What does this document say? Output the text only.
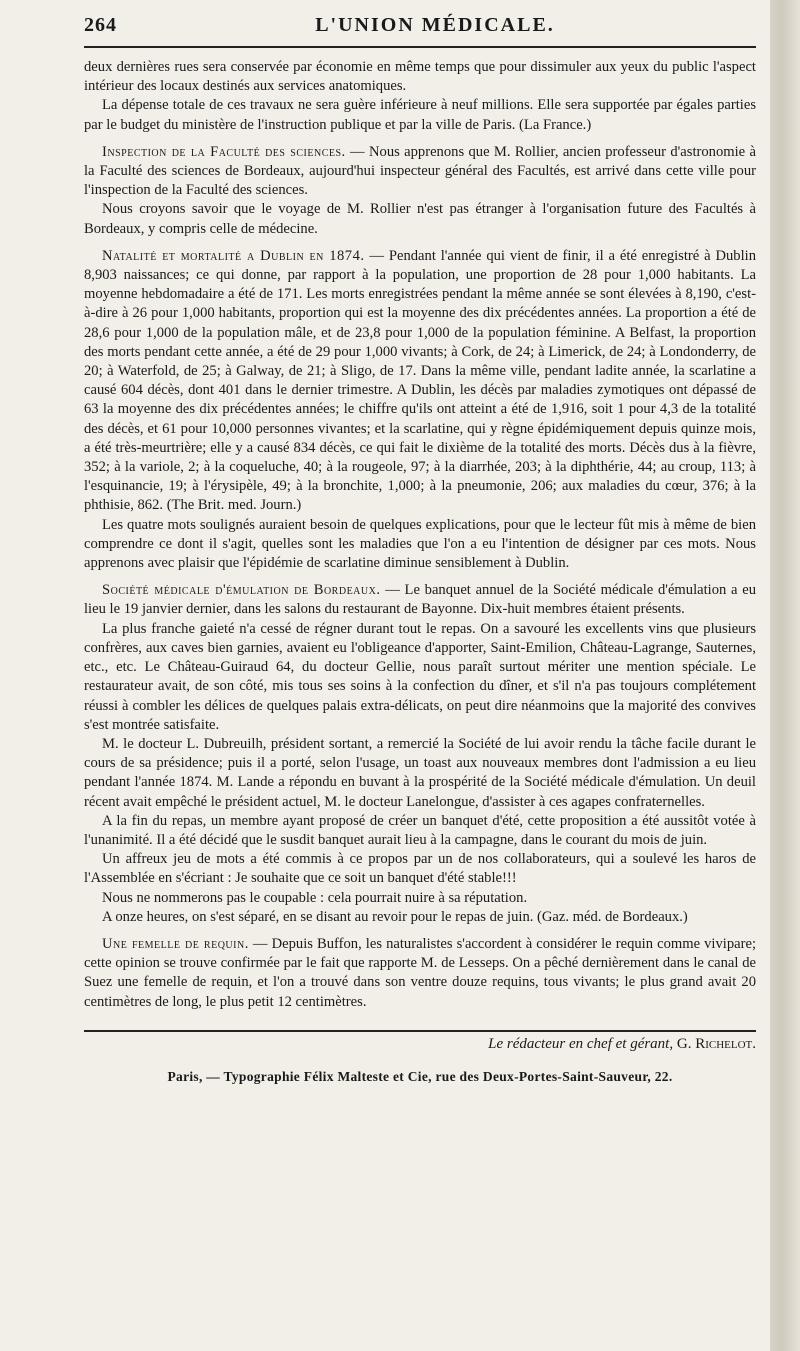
264	L'UNION MÉDICALE.

deux dernières rues sera conservée par économie en même temps que pour dissimuler aux yeux du public l'aspect intérieur des locaux destinés aux services anatomiques.

La dépense totale de ces travaux ne sera guère inférieure à neuf millions. Elle sera supportée par égales parties par le budget du ministère de l'instruction publique et par la ville de Paris. (La France.)

Inspection de la Faculté des sciences. — Nous apprenons que M. Rollier, ancien professeur d'astronomie à la Faculté des sciences de Bordeaux, aujourd'hui inspecteur général des Facultés, est arrivé dans cette ville pour l'inspection de la Faculté des sciences.

Nous croyons savoir que le voyage de M. Rollier n'est pas étranger à l'organisation future des Facultés à Bordeaux, y compris celle de médecine.

Natalité et mortalité a Dublin en 1874. — Pendant l'année qui vient de finir, il a été enregistré à Dublin 8,903 naissances; ce qui donne, par rapport à la population, une proportion de 28 pour 1,000 habitants. La moyenne hebdomadaire a été de 171. Les morts enregistrées pendant la même année se sont élevées à 8,190, c'est-à-dire à 26 pour 1,000 habitants, proportion qui est la moyenne des dix précédentes années. La proportion a été de 28,6 pour 1,000 de la population mâle, et de 23,8 pour 1,000 de la population féminine. A Belfast, la proportion des morts pendant cette année, a été de 29 pour 1,000 vivants; à Cork, de 24; à Limerick, de 24; à Londonderry, de 20; à Waterfold, de 25; à Galway, de 21; à Sligo, de 17. Dans la même ville, pendant ladite année, la scarlatine a causé 604 décès, dont 401 dans le dernier trimestre. A Dublin, les décès par maladies zymotiques ont dépassé de 63 la moyenne des dix précédentes années; le chiffre qu'ils ont atteint a été de 1,916, soit 1 pour 4,3 de la totalité des décès, et 61 pour 10,000 personnes vivantes; et la scarlatine, qui y règne épidémiquement depuis quinze mois, a été très-meurtrière; elle y a causé 834 décès, ce qui fait le dixième de la totalité des morts. Décès dus à la fièvre, 352; à la variole, 2; à la coqueluche, 40; à la rougeole, 97; à la diarrhée, 203; à la diphthérie, 44; au croup, 113; à l'esquinancie, 19; à l'érysipèle, 49; à la bronchite, 1,000; à la pneumonie, 206; aux maladies du cœur, 376; à la phthisie, 862. (The Brit. med. Journ.)

Les quatre mots soulignés auraient besoin de quelques explications, pour que le lecteur fût mis à même de bien comprendre ce dont il s'agit, quelles sont les maladies que l'on a eu l'intention de désigner par ces mots. Nous apprenons avec plaisir que l'épidémie de scarlatine diminue sensiblement à Dublin.

Société médicale d'émulation de Bordeaux. — Le banquet annuel de la Société médicale d'émulation a eu lieu le 19 janvier dernier, dans les salons du restaurant de Bayonne. Dix-huit membres étaient présents.

La plus franche gaieté n'a cessé de régner durant tout le repas. On a savouré les excellents vins que plusieurs confrères, aux caves bien garnies, avaient eu l'obligeance d'apporter, Saint-Emilion, Château-Lagrange, Sauternes, etc., etc. Le Château-Guiraud 64, du docteur Gellie, nous paraît surtout mériter une mention spéciale. Le restaurateur avait, de son côté, mis tous ses soins à la confection du dîner, et s'il n'a pas toujours complétement réussi à combler les délices de quelques palais extra-délicats, on peut dire néanmoins que la majorité des convives s'est montrée satisfaite.

M. le docteur L. Dubreuilh, président sortant, a remercié la Société de lui avoir rendu la tâche facile durant le cours de sa présidence; puis il a porté, selon l'usage, un toast aux nouveaux membres dont l'admission a eu lieu pendant l'année 1874. M. Lande a répondu en buvant à la prospérité de la Société médicale d'émulation. Un deuil récent avait empêché le président actuel, M. le docteur Lanelongue, d'assister à ces agapes confraternelles.

A la fin du repas, un membre ayant proposé de créer un banquet d'été, cette proposition a été aussitôt votée à l'unanimité. Il a été décidé que le susdit banquet aurait lieu à la campagne, dans le courant du mois de juin.

Un affreux jeu de mots a été commis à ce propos par un de nos collaborateurs, qui a soulevé les haros de l'Assemblée en s'écriant : Je souhaite que ce soit un banquet d'été stable!!!

Nous ne nommerons pas le coupable : cela pourrait nuire à sa réputation.

A onze heures, on s'est séparé, en se disant au revoir pour le repas de juin. (Gaz. méd. de Bordeaux.)

Une femelle de requin. — Depuis Buffon, les naturalistes s'accordent à considérer le requin comme vivipare; cette opinion se trouve confirmée par le fait que rapporte M. de Lesseps. On a pêché dernièrement dans le canal de Suez une femelle de requin, et l'on a trouvé dans son ventre douze requins, tous vivants; le plus grand avait 20 centimètres de long, le plus petit 12 centimètres.

Le rédacteur en chef et gérant, G. Richelot.
Paris, — Typographie Félix Malteste et Cie, rue des Deux-Portes-Saint-Sauveur, 22.
